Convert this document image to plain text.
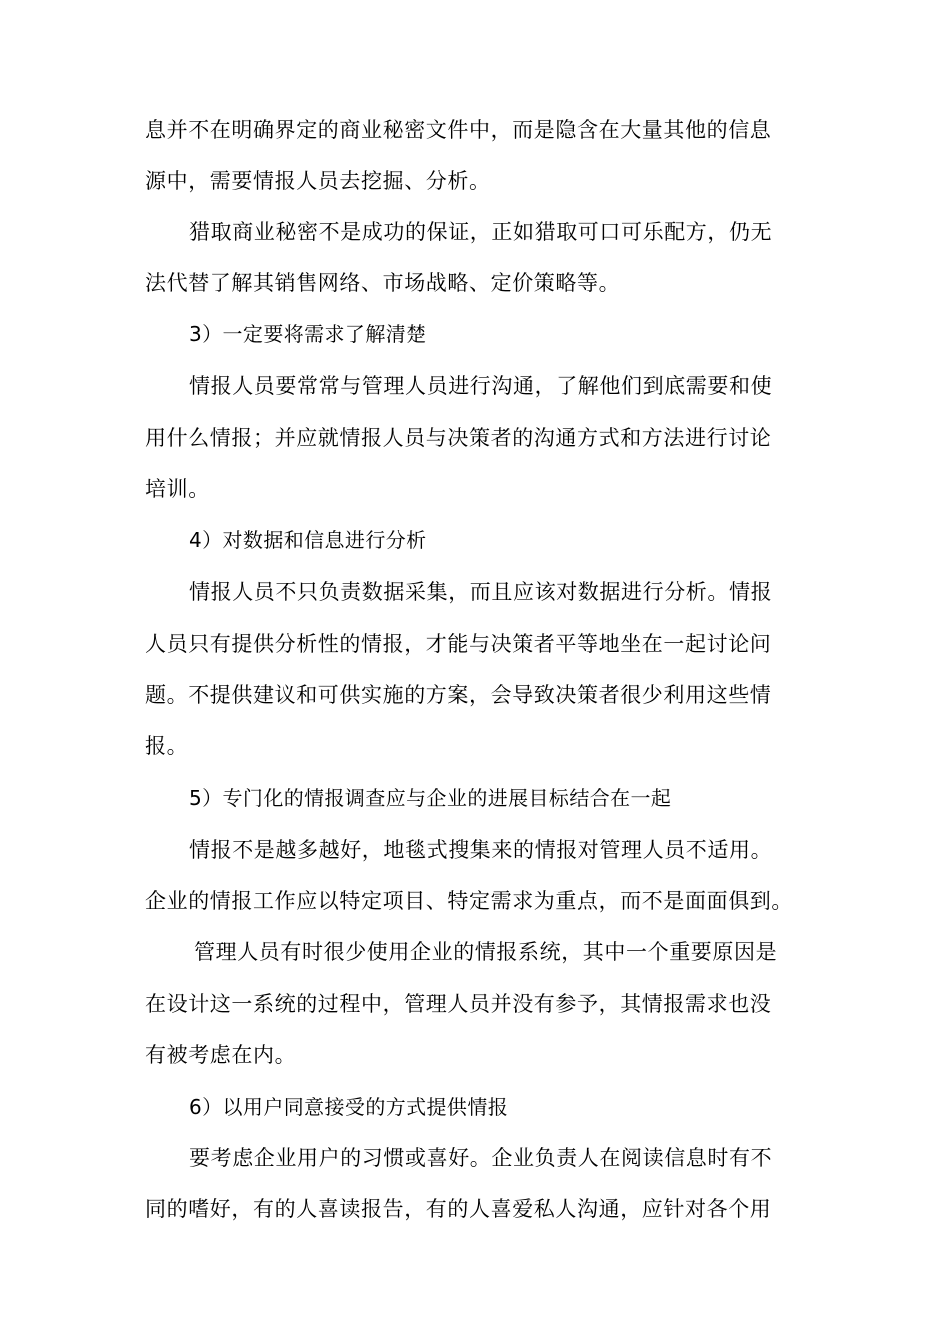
息并不在明确界定的商业秘密文件中，而是隐含在大量其他的信息
源中，需要情报人员去挖掘、分析。
猎取商业秘密不是成功的保证，正如猎取可口可乐配方，仍无
法代替了解其销售网络、市场战略、定价策略等。
3）一定要将需求了解清楚
情报人员要常常与管理人员进行沟通，了解他们到底需要和使
用什么情报；并应就情报人员与决策者的沟通方式和方法进行讨论
培训。
4）对数据和信息进行分析
情报人员不只负责数据采集，而且应该对数据进行分析。情报
人员只有提供分析性的情报，才能与决策者平等地坐在一起讨论问
题。不提供建议和可供实施的方案，会导致决策者很少利用这些情
报。
5）专门化的情报调查应与企业的进展目标结合在一起
情报不是越多越好，地毯式搜集来的情报对管理人员不适用。
企业的情报工作应以特定项目、特定需求为重点，而不是面面俱到。
管理人员有时很少使用企业的情报系统，其中一个重要原因是
在设计这一系统的过程中，管理人员并没有参予，其情报需求也没
有被考虑在内。
6）以用户同意接受的方式提供情报
要考虑企业用户的习惯或喜好。企业负责人在阅读信息时有不
同的嗜好，有的人喜读报告，有的人喜爱私人沟通，应针对各个用
